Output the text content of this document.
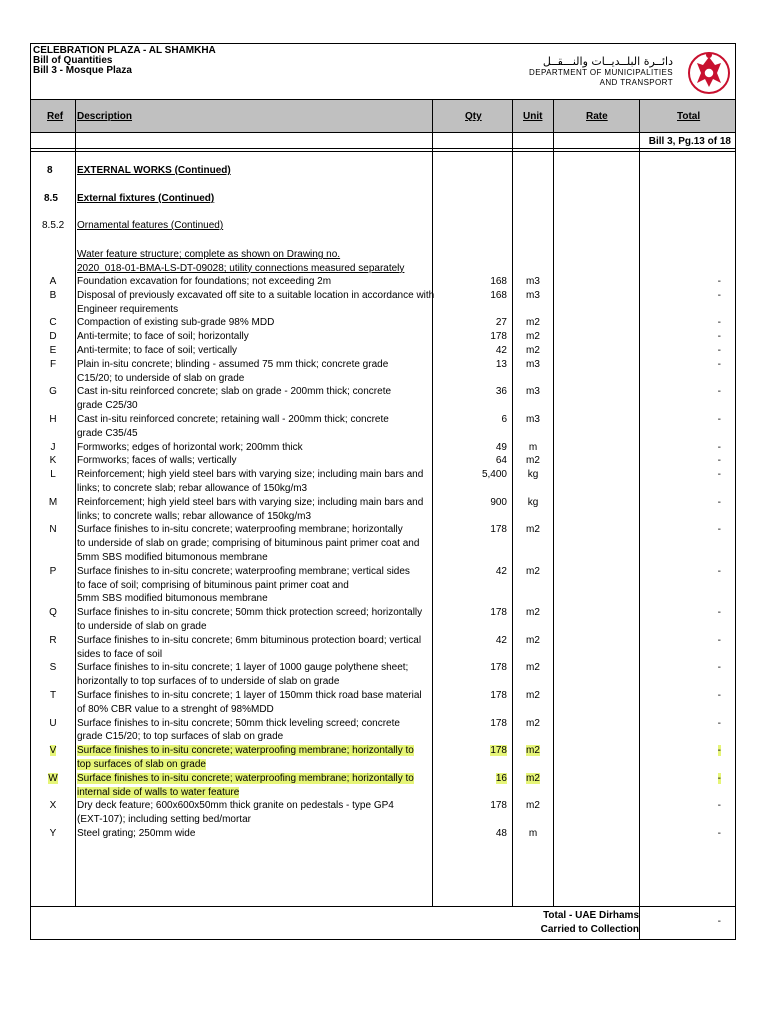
CELEBRATION PLAZA - AL SHAMKHA
Bill of Quantities
Bill 3 - Mosque Plaza
دائــرة البلــديــات والنـــقــل
DEPARTMENT OF MUNICIPALITIES
AND TRANSPORT
Ref Description	Qty	Unit	Rate	Total
Bill 3, Pg.13 of 18
8 EXTERNAL WORKS (Continued)
8.5 External fixtures (Continued)
8.5.2 Ornamental features (Continued)
Water feature structure; complete as shown on Drawing no.
2020_018-01-BMA-LS-DT-09028; utility connections measured separately
A	Foundation excavation for foundations; not exceeding 2m	168	m3	-
B	Disposal of previously excavated off site to a suitable location in accordance with
Engineer requirements
168	m3	-
C	Compaction of existing sub-grade 98% MDD	27	m2	-
D	Anti-termite; to face of soil; horizontally	178	m2	-
E	Anti-termite; to face of soil; vertically	42	m2	-
F	Plain in-situ concrete; blinding - assumed 75 mm thick; concrete grade
C15/20; to underside of slab on grade
13	m3	-
G	Cast in-situ reinforced concrete; slab on grade - 200mm thick; concrete
grade C25/30
36	m3	-
H	Cast in-situ reinforced concrete; retaining wall - 200mm thick; concrete
grade C35/45
6	m3	-
J	Formworks; edges of horizontal work; 200mm thick	49	m	-
K	Formworks; faces of walls; vertically	64	m2	-
L	Reinforcement; high yield steel bars with varying size; including main bars and
links; to concrete slab; rebar allowance of 150kg/m3
5,400	kg	-
M	Reinforcement; high yield steel bars with varying size; including main bars and
links; to concrete walls; rebar allowance of 150kg/m3
900	kg	-
N	Surface finishes to in-situ concrete; waterproofing membrane; horizontally
to underside of slab on grade; comprising of bituminous paint primer coat and
5mm SBS modified bitumonous membrane
178	m2	-
P	Surface finishes to in-situ concrete; waterproofing membrane; vertical sides
to face of soil; comprising of bituminous paint primer coat and
5mm SBS modified bitumonous membrane
42	m2	-
Q	Surface finishes to in-situ concrete; 50mm thick protection screed; horizontally
to underside of slab on grade
178	m2	-
R	Surface finishes to in-situ concrete; 6mm bituminous protection board; vertical
sides to face of soil
42	m2	-
S	Surface finishes to in-situ concrete; 1 layer of 1000 gauge polythene sheet;
horizontally to top surfaces of to underside of slab on grade
178	m2	-
T	Surface finishes to in-situ concrete; 1 layer of 150mm thick road base material
of 80% CBR value to a strenght of 98%MDD
178	m2	-
U	Surface finishes to in-situ concrete; 50mm thick leveling screed; concrete
grade C15/20; to top surfaces of slab on grade
178	m2	-
V	Surface finishes to in-situ concrete; waterproofing membrane; horizontally to
top surfaces of slab on grade
178	m2	-
W	Surface finishes to in-situ concrete; waterproofing membrane; horizontally to
internal side of walls to water feature
16	m2	-
X	Dry deck feature; 600x600x50mm thick granite on pedestals - type GP4
(EXT-107); including setting bed/mortar
178	m2	-
Y	Steel grating; 250mm wide	48	m	-
Total - UAE Dirhams
Carried to Collection
-
